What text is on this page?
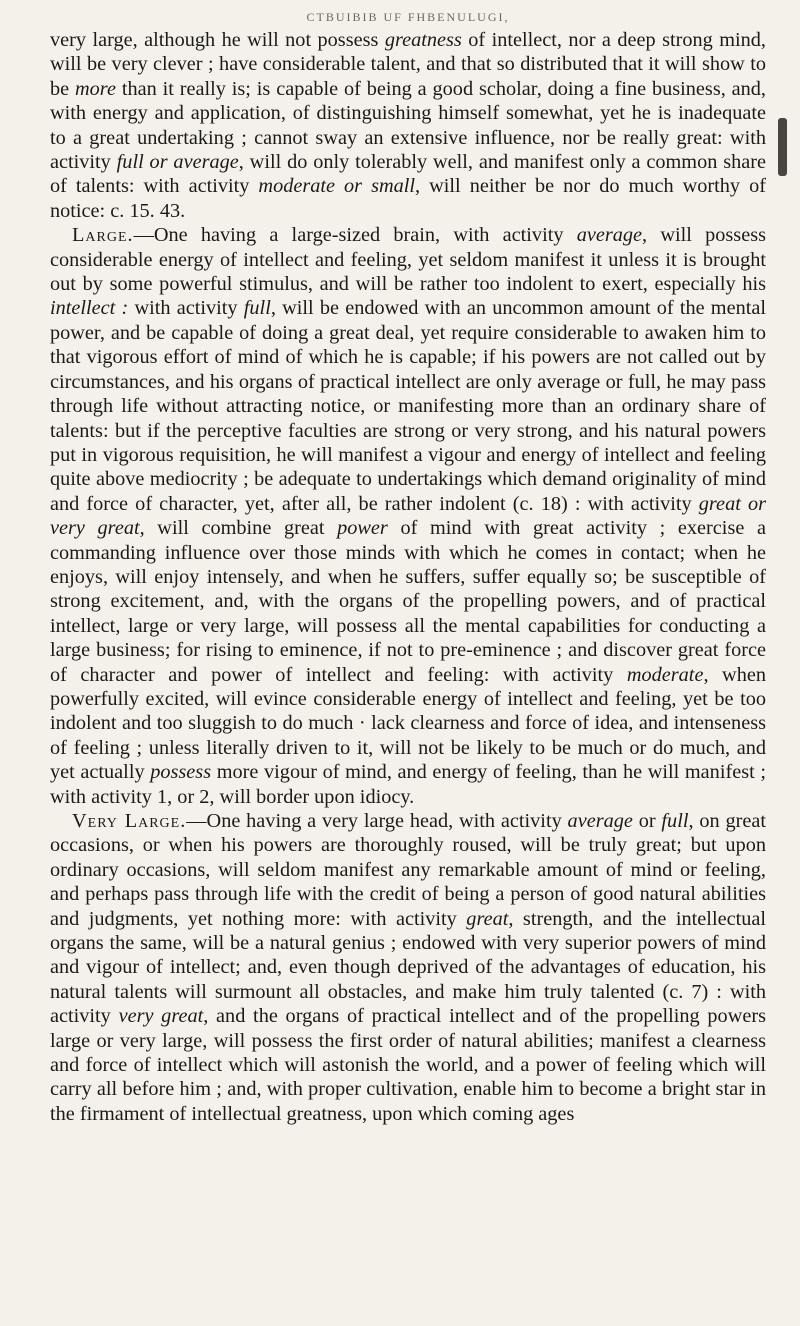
CTBUIBIB UF FHBENULUGI,

very large, although he will not possess greatness of intellect, nor a deep strong mind, will be very clever ; have considerable talent, and that so distributed that it will show to be more than it really is; is capable of being a good scholar, doing a fine business, and, with energy and application, of distinguishing himself somewhat, yet he is inadequate to a great undertaking ; cannot sway an extensive influence, nor be really great: with activity full or average, will do only tolerably well, and manifest only a common share of talents: with activity moderate or small, will neither be nor do much worthy of notice: c. 15. 43.

Large.—One having a large-sized brain, with activity average, will possess considerable energy of intellect and feeling, yet seldom manifest it unless it is brought out by some powerful stimulus, and will be rather too indolent to exert, especially his intellect : with activity full, will be endowed with an uncommon amount of the mental power, and be capable of doing a great deal, yet require considerable to awaken him to that vigorous effort of mind of which he is capable; if his powers are not called out by circumstances, and his organs of practical intellect are only average or full, he may pass through life without attracting notice, or manifesting more than an ordinary share of talents: but if the perceptive faculties are strong or very strong, and his natural powers put in vigorous requisition, he will manifest a vigour and energy of intellect and feeling quite above mediocrity ; be adequate to undertakings which demand originality of mind and force of character, yet, after all, be rather indolent (c. 18) : with activity great or very great, will combine great power of mind with great activity ; exercise a commanding influence over those minds with which he comes in contact; when he enjoys, will enjoy intensely, and when he suffers, suffer equally so; be susceptible of strong excitement, and, with the organs of the propelling powers, and of practical intellect, large or very large, will possess all the mental capabilities for conducting a large business; for rising to eminence, if not to pre-eminence ; and discover great force of character and power of intellect and feeling: with activity moderate, when powerfully excited, will evince considerable energy of intellect and feeling, yet be too indolent and too sluggish to do much · lack clearness and force of idea, and intenseness of feeling ; unless literally driven to it, will not be likely to be much or do much, and yet actually possess more vigour of mind, and energy of feeling, than he will manifest ; with activity 1, or 2, will border upon idiocy.

Very Large.—One having a very large head, with activity average or full, on great occasions, or when his powers are thoroughly roused, will be truly great; but upon ordinary occasions, will seldom manifest any remarkable amount of mind or feeling, and perhaps pass through life with the credit of being a person of good natural abilities and judgments, yet nothing more: with activity great, strength, and the intellectual organs the same, will be a natural genius ; endowed with very superior powers of mind and vigour of intellect; and, even though deprived of the advantages of education, his natural talents will surmount all obstacles, and make him truly talented (c. 7) : with activity very great, and the organs of practical intellect and of the propelling powers large or very large, will possess the first order of natural abilities; manifest a clearness and force of intellect which will astonish the world, and a power of feeling which will carry all before him ; and, with proper cultivation, enable him to become a bright star in the firmament of intellectual greatness, upon which coming ages
